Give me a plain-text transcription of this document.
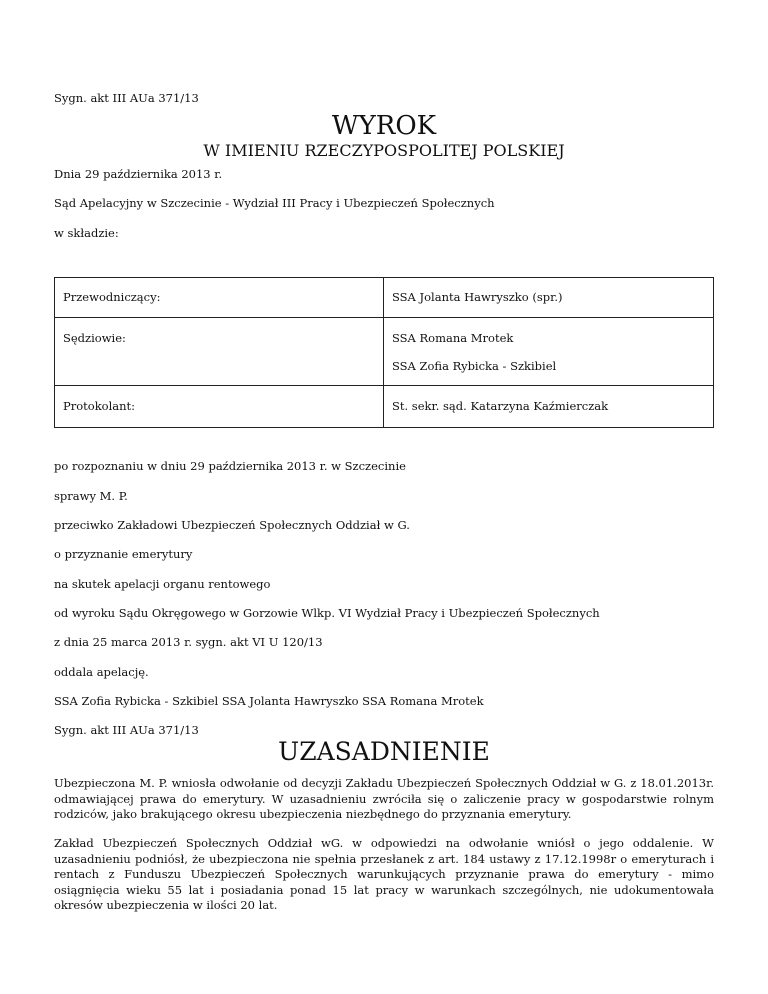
Sygn. akt III AUa 371/13
WYROK
W IMIENIU RZECZYPOSPOLITEJ POLSKIEJ
Dnia 29 października 2013 r.
Sąd Apelacyjny w Szczecinie - Wydział III Pracy i Ubezpieczeń Społecznych
w składzie:
Przewodniczący:	SSA Jolanta Hawryszko (spr.)

Sędziowie:	SSA Romana Mrotek
SSA Zofia Rybicka - Szkibiel

Protokolant:	St. sekr. sąd. Katarzyna Kaźmierczak
po rozpoznaniu w dniu 29 października 2013 r. w Szczecinie
sprawy M. P.
przeciwko Zakładowi Ubezpieczeń Społecznych Oddział w G.
o przyznanie emerytury
na skutek apelacji organu rentowego
od wyroku Sądu Okręgowego w Gorzowie Wlkp. VI Wydział Pracy i Ubezpieczeń Społecznych
z dnia 25 marca 2013 r. sygn. akt VI U 120/13
oddala apelację.
SSA Zofia Rybicka - Szkibiel SSA Jolanta Hawryszko SSA Romana Mrotek
Sygn. akt III AUa 371/13
UZASADNIENIE
Ubezpieczona M. P. wniosła odwołanie od decyzji Zakładu Ubezpieczeń Społecznych Oddział w G. z 18.01.2013r. odmawiającej prawa do emerytury. W uzasadnieniu zwróciła się o zaliczenie pracy w gospodarstwie rolnym rodziców, jako brakującego okresu ubezpieczenia niezbędnego do przyznania emerytury.
Zakład Ubezpieczeń Społecznych Oddział wG. w odpowiedzi na odwołanie wniósł o jego oddalenie. W uzasadnieniu podniósł, że ubezpieczona nie spełnia przesłanek z art. 184 ustawy z 17.12.1998r o emeryturach i rentach z Funduszu Ubezpieczeń Społecznych warunkujących przyznanie prawa do emerytury - mimo osiągnięcia wieku 55 lat i posiadania ponad 15 lat pracy w warunkach szczególnych, nie udokumentowała okresów ubezpieczenia w ilości 20 lat.
